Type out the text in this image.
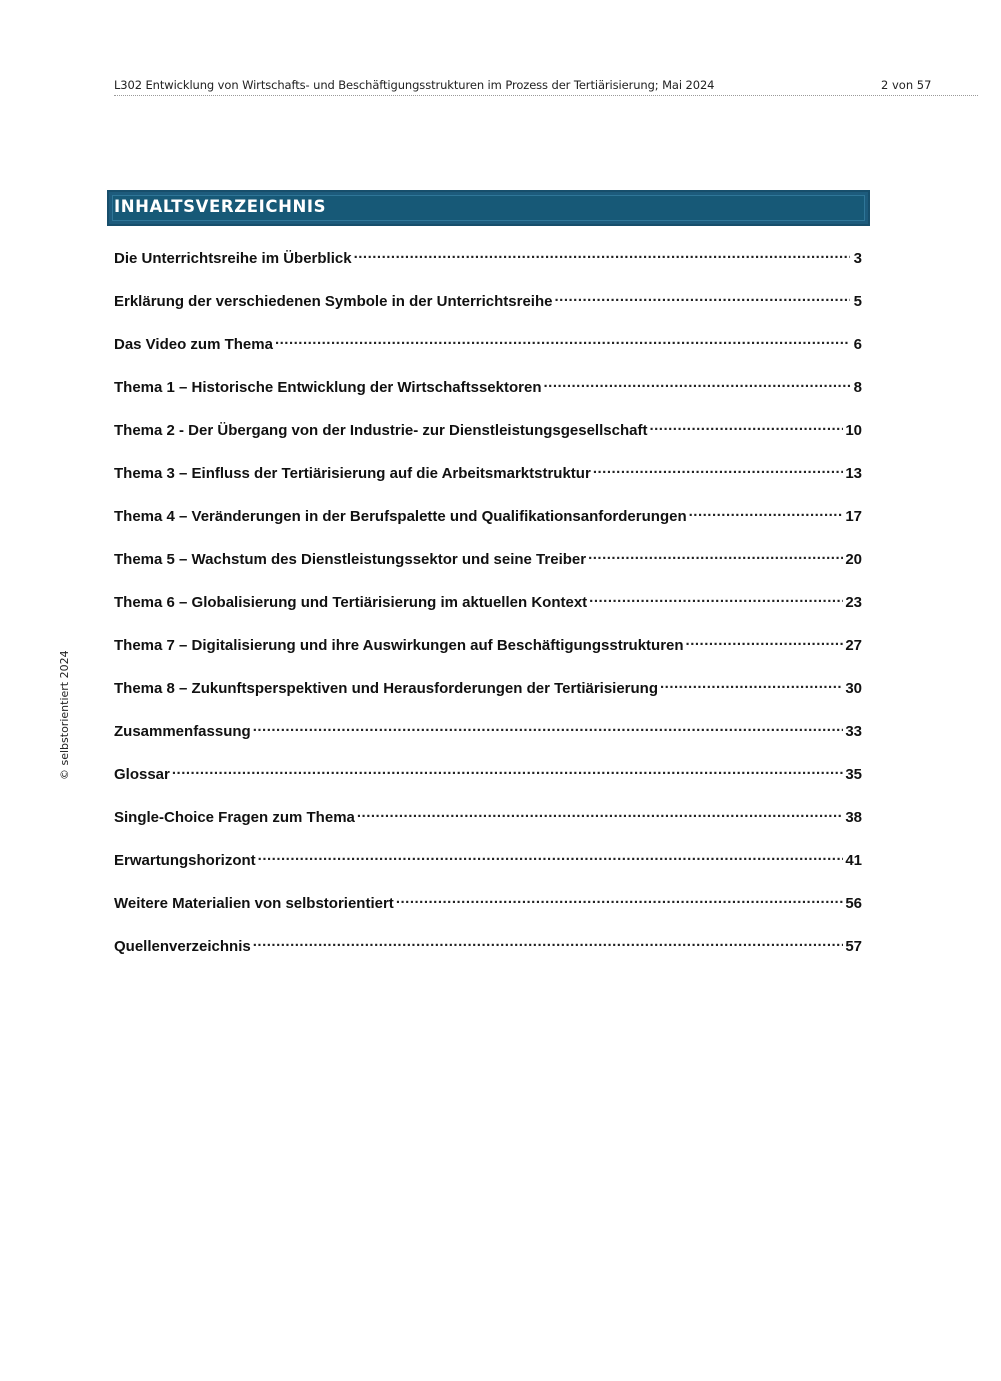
L302 Entwicklung von Wirtschafts- und Beschäftigungsstrukturen im Prozess der Tertiärisierung; Mai 2024	2 von 57
© selbstorientiert 2024
INHALTSVERZEICHNIS
Die Unterrichtsreihe im Überblick .....	3
Erklärung der verschiedenen Symbole in der Unterrichtsreihe .....	5
Das Video zum Thema .....	6
Thema 1 – Historische Entwicklung der Wirtschaftssektoren .....	8
Thema 2 - Der Übergang von der Industrie- zur Dienstleistungsgesellschaft .....	10
Thema 3 – Einfluss der Tertiärisierung auf die Arbeitsmarktstruktur .....	13
Thema 4 – Veränderungen in der Berufspalette und Qualifikationsanforderungen .....	17
Thema 5 – Wachstum des Dienstleistungssektor und seine Treiber .....	20
Thema 6 – Globalisierung und Tertiärisierung im aktuellen Kontext .....	23
Thema 7 – Digitalisierung und ihre Auswirkungen auf Beschäftigungsstrukturen .....	27
Thema 8 – Zukunftsperspektiven und Herausforderungen der Tertiärisierung .....	30
Zusammenfassung .....	33
Glossar .....	35
Single-Choice Fragen zum Thema .....	38
Erwartungshorizont .....	41
Weitere Materialien von selbstorientiert .....	56
Quellenverzeichnis .....	57
